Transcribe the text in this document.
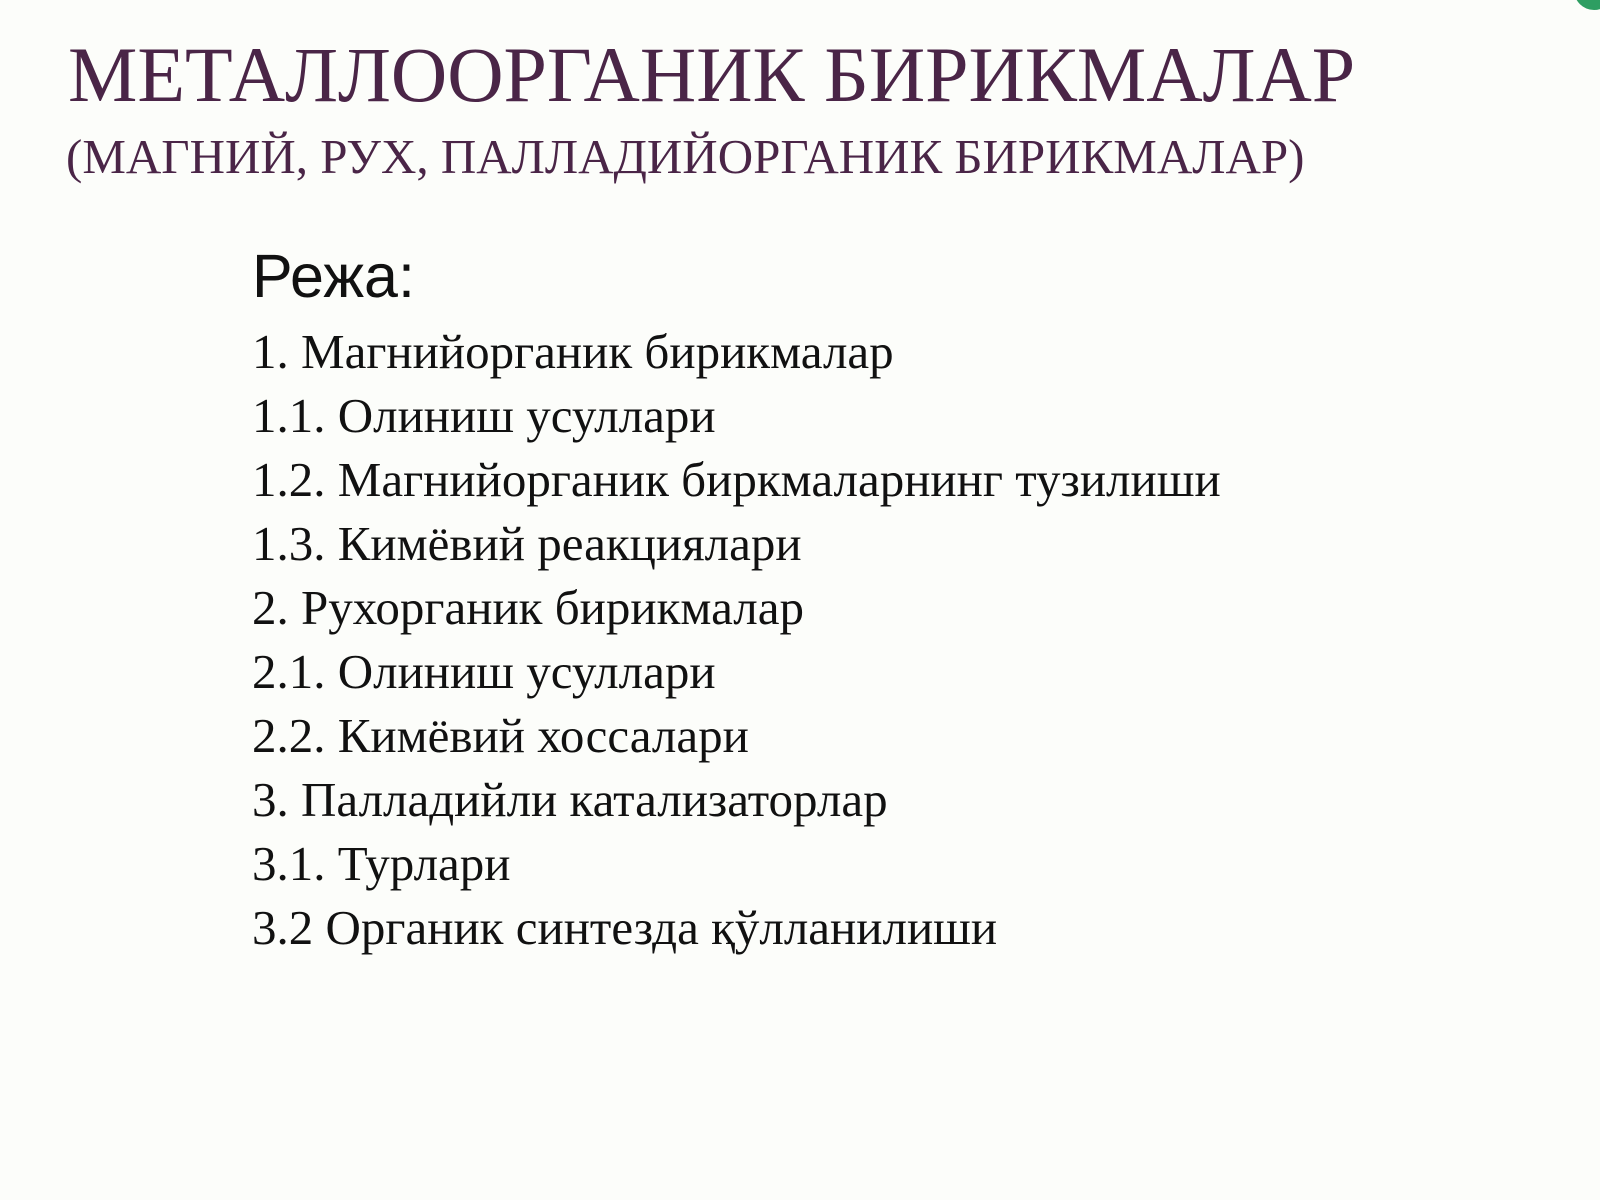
МЕТАЛЛООРГАНИК БИРИКМАЛАР
(МАГНИЙ, РУХ, ПАЛЛАДИЙОРГАНИК БИРИКМАЛАР)
Режа:
1. Магнийорганик бирикмалар
1.1. Олиниш усуллари
1.2. Магнийорганик биркмаларнинг тузилиши
1.3. Кимёвий реакциялари
2. Рухорганик бирикмалар
2.1. Олиниш усуллари
2.2. Кимёвий хоссалари
3. Палладийли катализаторлар
3.1. Турлари
3.2 Органик синтезда қўлланилиши
